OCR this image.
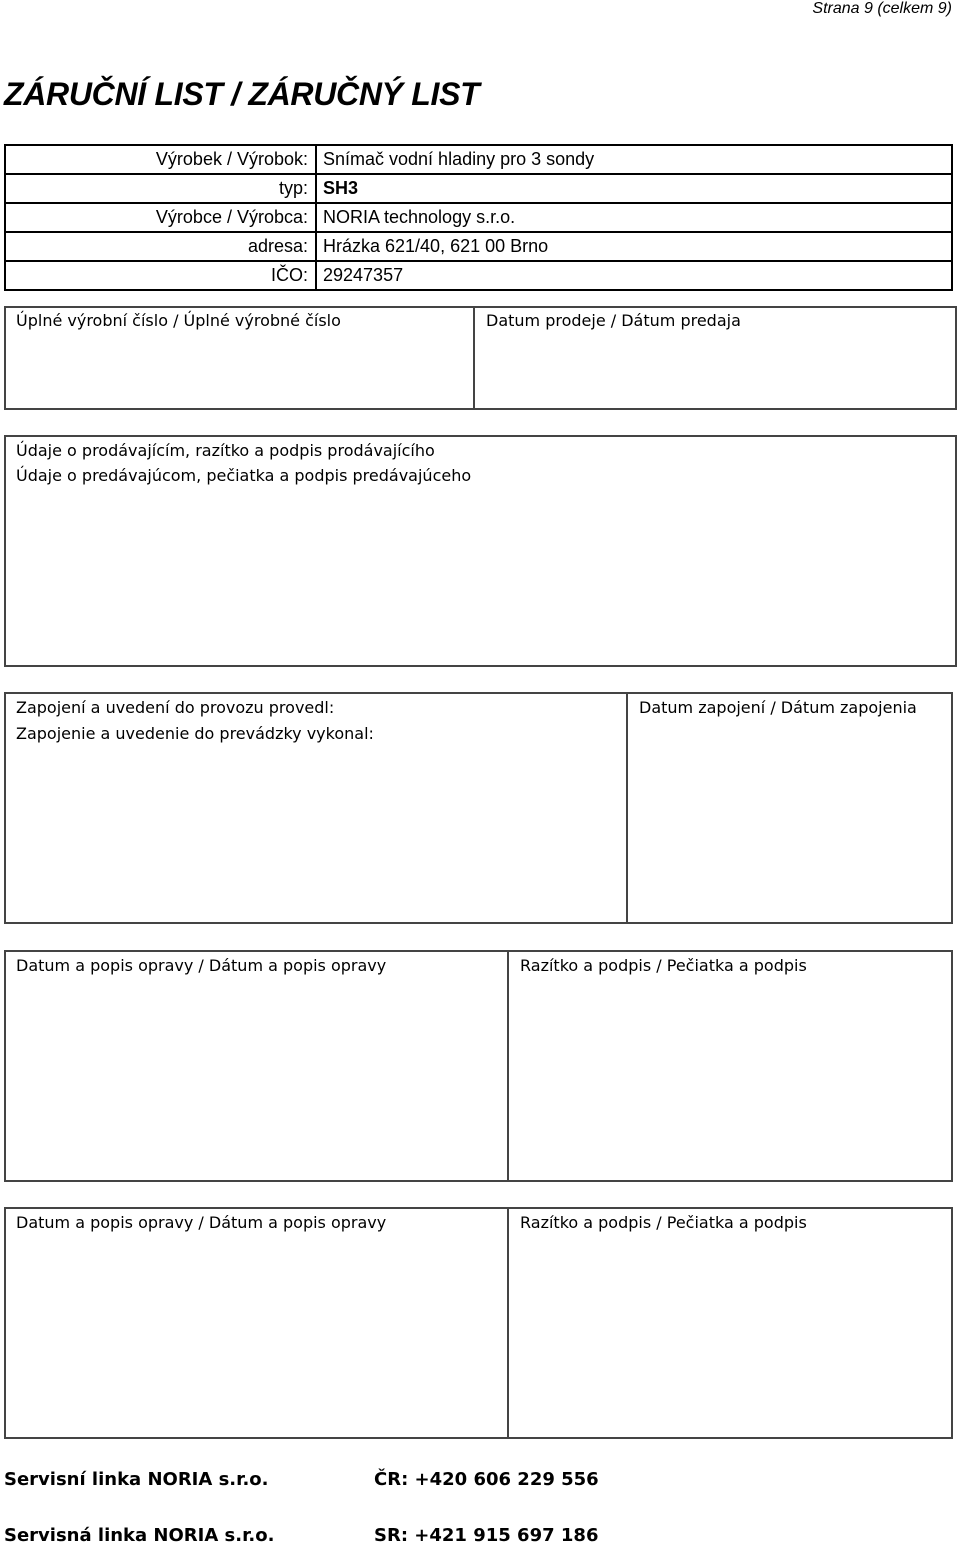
Strana 9 (celkem 9)
ZÁRUČNÍ LIST / ZÁRUČNÝ LIST
Výrobek / Výrobok: Snímač vodní hladiny pro 3 sondy
typ: SH3
Výrobce / Výrobca: NORIA technology s.r.o.
adresa: Hrázka 621/40, 621 00 Brno
IČO: 29247357
Úplné výrobní číslo / Úplné výrobné číslo	Datum prodeje / Dátum predaja
Údaje o prodávajícím, razítko a podpis prodávajícího
Údaje o predávajúcom, pečiatka a podpis predávajúceho
Zapojení a uvedení do provozu provedl:
Zapojenie a uvedenie do prevádzky vykonal:
Datum zapojení / Dátum zapojenia
Datum a popis opravy / Dátum a popis opravy	Razítko a podpis / Pečiatka a podpis
Datum a popis opravy / Dátum a popis opravy	Razítko a podpis / Pečiatka a podpis
Servisní linka NORIA s.r.o.	ČR: +420 606 229 556
Servisná linka NORIA s.r.o.	SR: +421 915 697 186
